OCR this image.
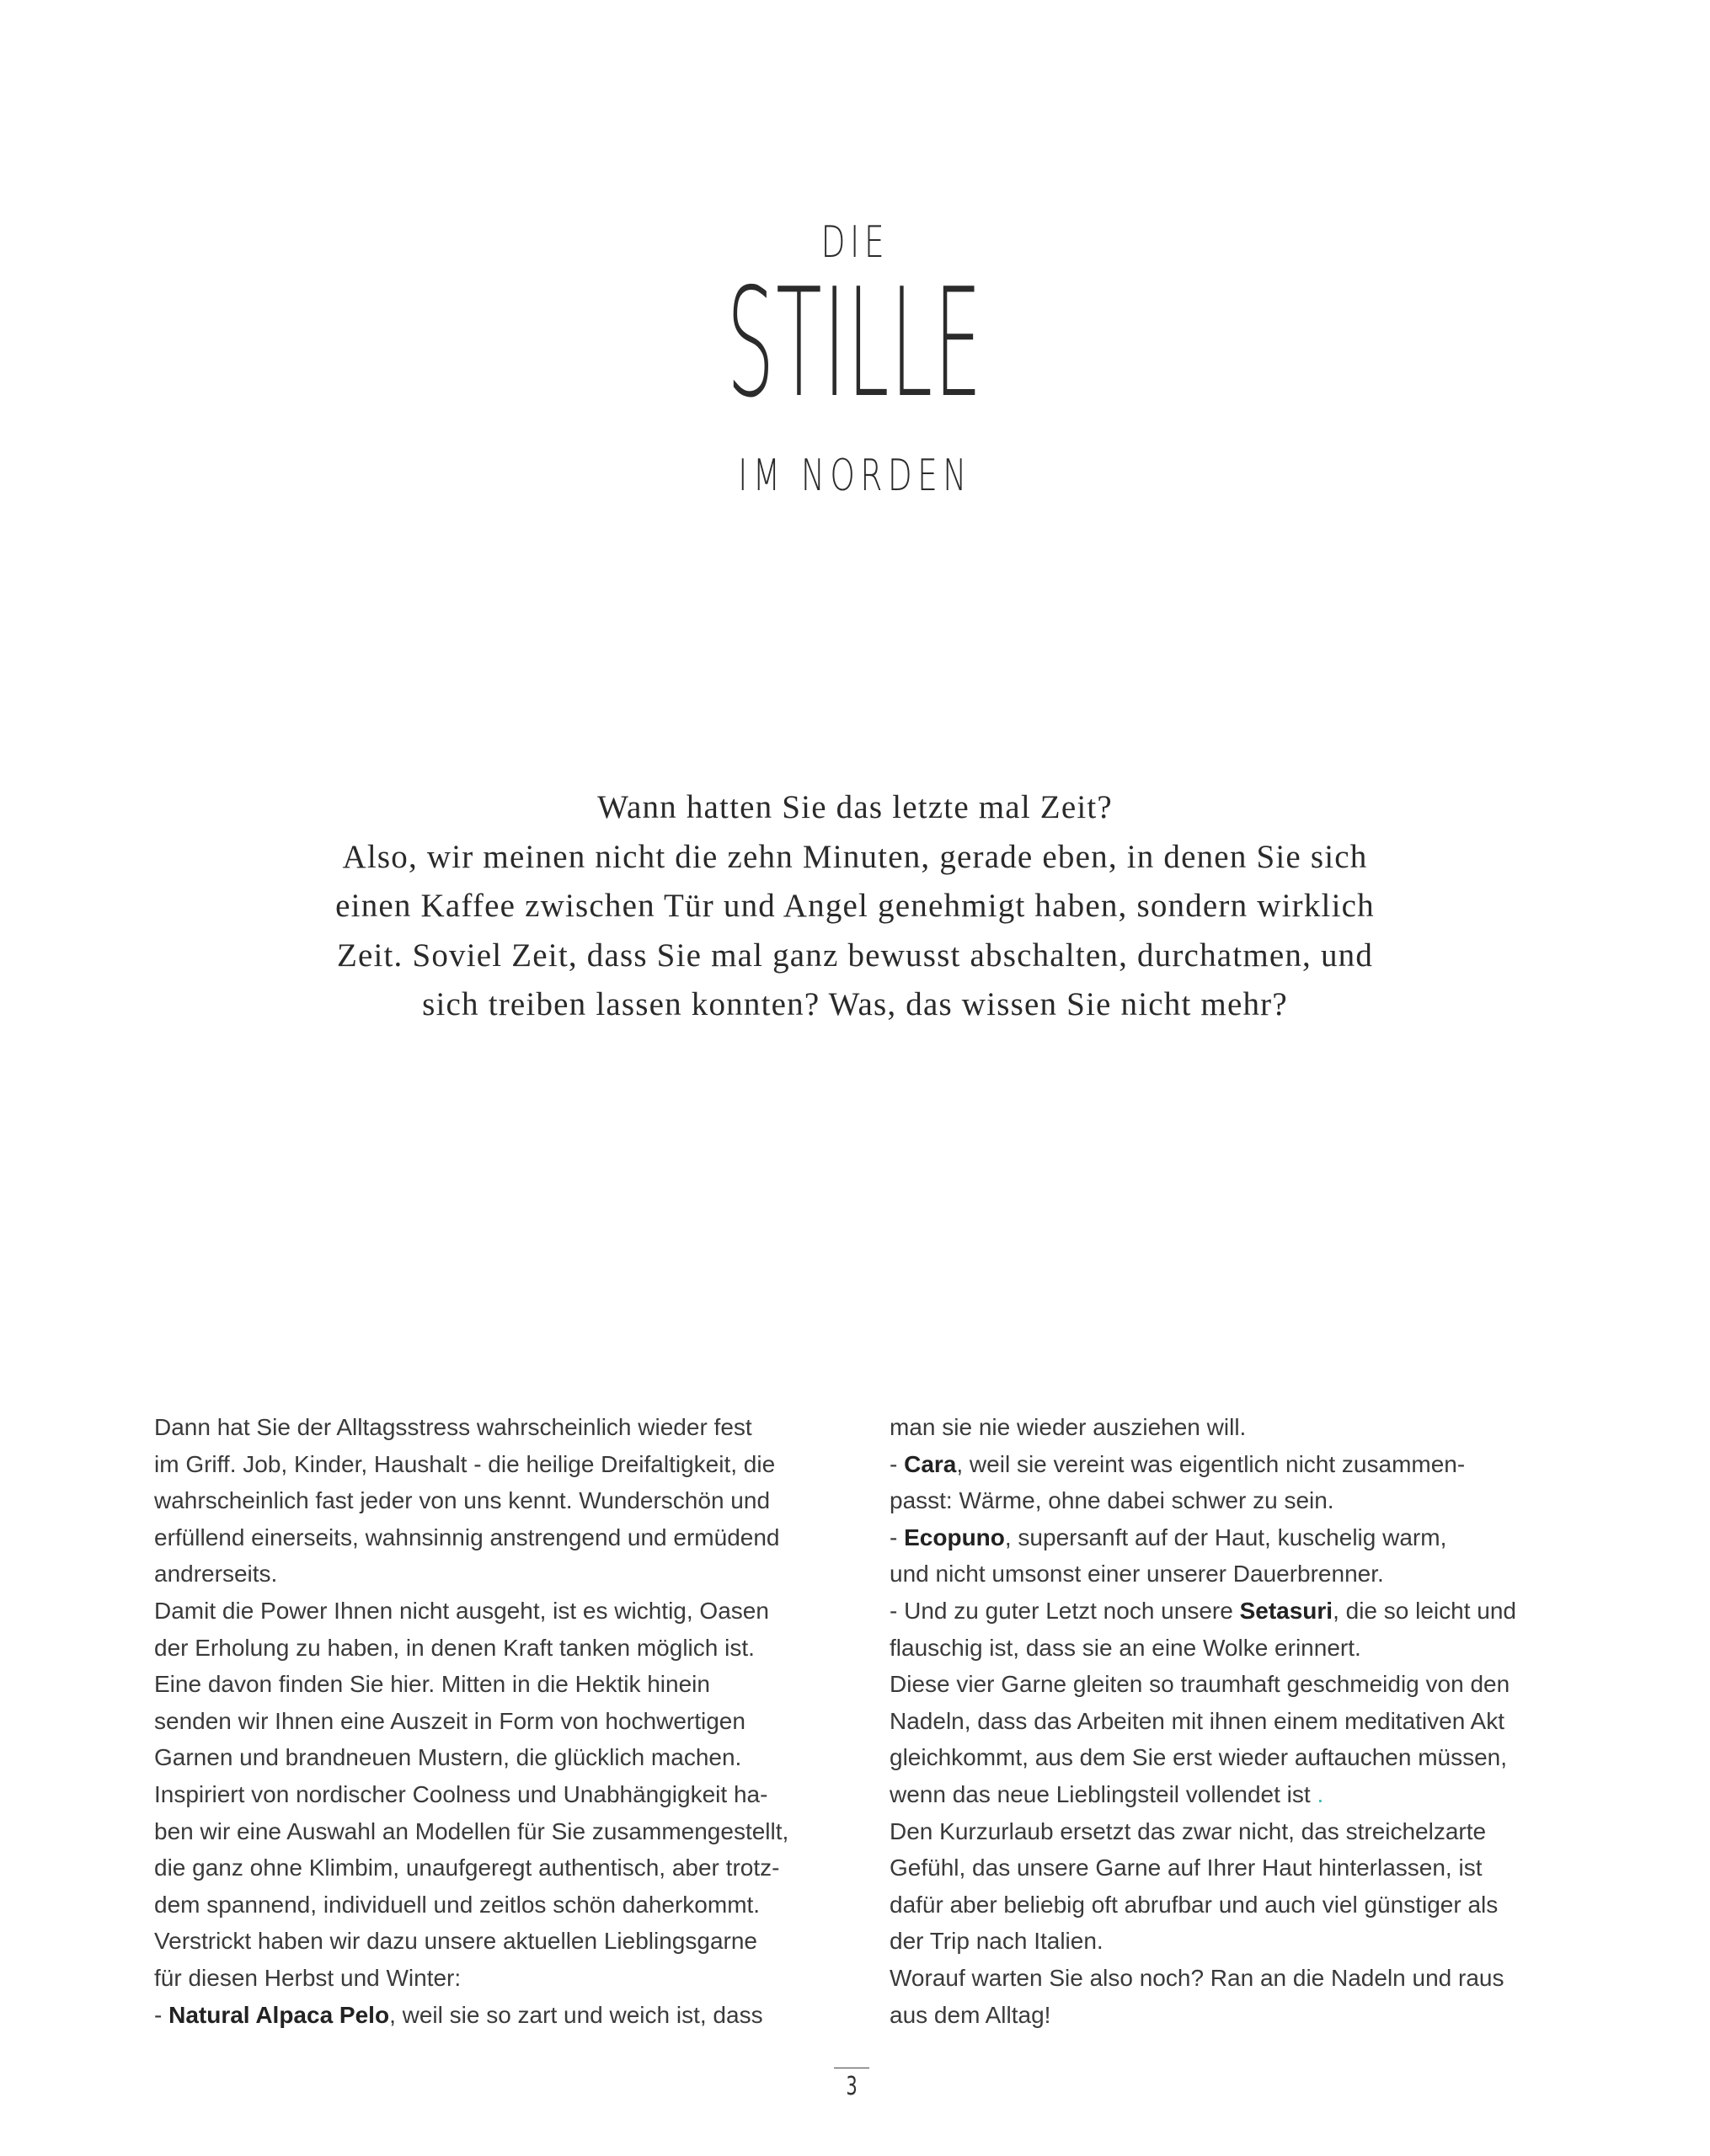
DIE
STILLE
IM NORDEN

Wann hatten Sie das letzte mal Zeit?

Also, wir meinen nicht die zehn Minuten, gerade eben, in denen Sie sich

einen Kaffee zwischen Tür und Angel genehmigt haben, sondern wirklich

Zeit. Soviel Zeit, dass Sie mal ganz bewusst abschalten, durchatmen, und

sich treiben lassen konnten? Was, das wissen Sie nicht mehr?

Dann hat Sie der Alltagsstress wahrscheinlich wieder fest
im Griff. Job, Kinder, Haushalt - die heilige Dreifaltigkeit, die
wahrscheinlich fast jeder von uns kennt. Wunderschön und
erfüllend einerseits, wahnsinnig anstrengend und ermüdend
andrerseits.
Damit die Power Ihnen nicht ausgeht, ist es wichtig, Oasen
der Erholung zu haben, in denen Kraft tanken möglich ist.
Eine davon finden Sie hier. Mitten in die Hektik hinein
senden wir Ihnen eine Auszeit in Form von hochwertigen
Garnen und brandneuen Mustern, die glücklich machen.
Inspiriert von nordischer Coolness und Unabhängigkeit ha-
ben wir eine Auswahl an Modellen für Sie zusammengestellt,
die ganz ohne Klimbim, unaufgeregt authentisch, aber trotz-
dem spannend, individuell und zeitlos schön daherkommt.
Verstrickt haben wir dazu unsere aktuellen Lieblingsgarne
für diesen Herbst und Winter:
- Natural Alpaca Pelo, weil sie so zart und weich ist, dass
man sie nie wieder ausziehen will.
- Cara, weil sie vereint was eigentlich nicht zusammen-
passt: Wärme, ohne dabei schwer zu sein.
- Ecopuno, supersanft auf der Haut, kuschelig warm,
und nicht umsonst einer unserer Dauerbrenner.
- Und zu guter Letzt noch unsere Setasuri, die so leicht und
flauschig ist, dass sie an eine Wolke erinnert.
Diese vier Garne gleiten so traumhaft geschmeidig von den
Nadeln, dass das Arbeiten mit ihnen einem meditativen Akt
gleichkommt, aus dem Sie erst wieder auftauchen müssen,
wenn das neue Lieblingsteil vollendet ist .
Den Kurzurlaub ersetzt das zwar nicht, das streichelzarte
Gefühl, das unsere Garne auf Ihrer Haut hinterlassen, ist
dafür aber beliebig oft abrufbar und auch viel günstiger als
der Trip nach Italien.
Worauf warten Sie also noch? Ran an die Nadeln und raus
aus dem Alltag!
3
